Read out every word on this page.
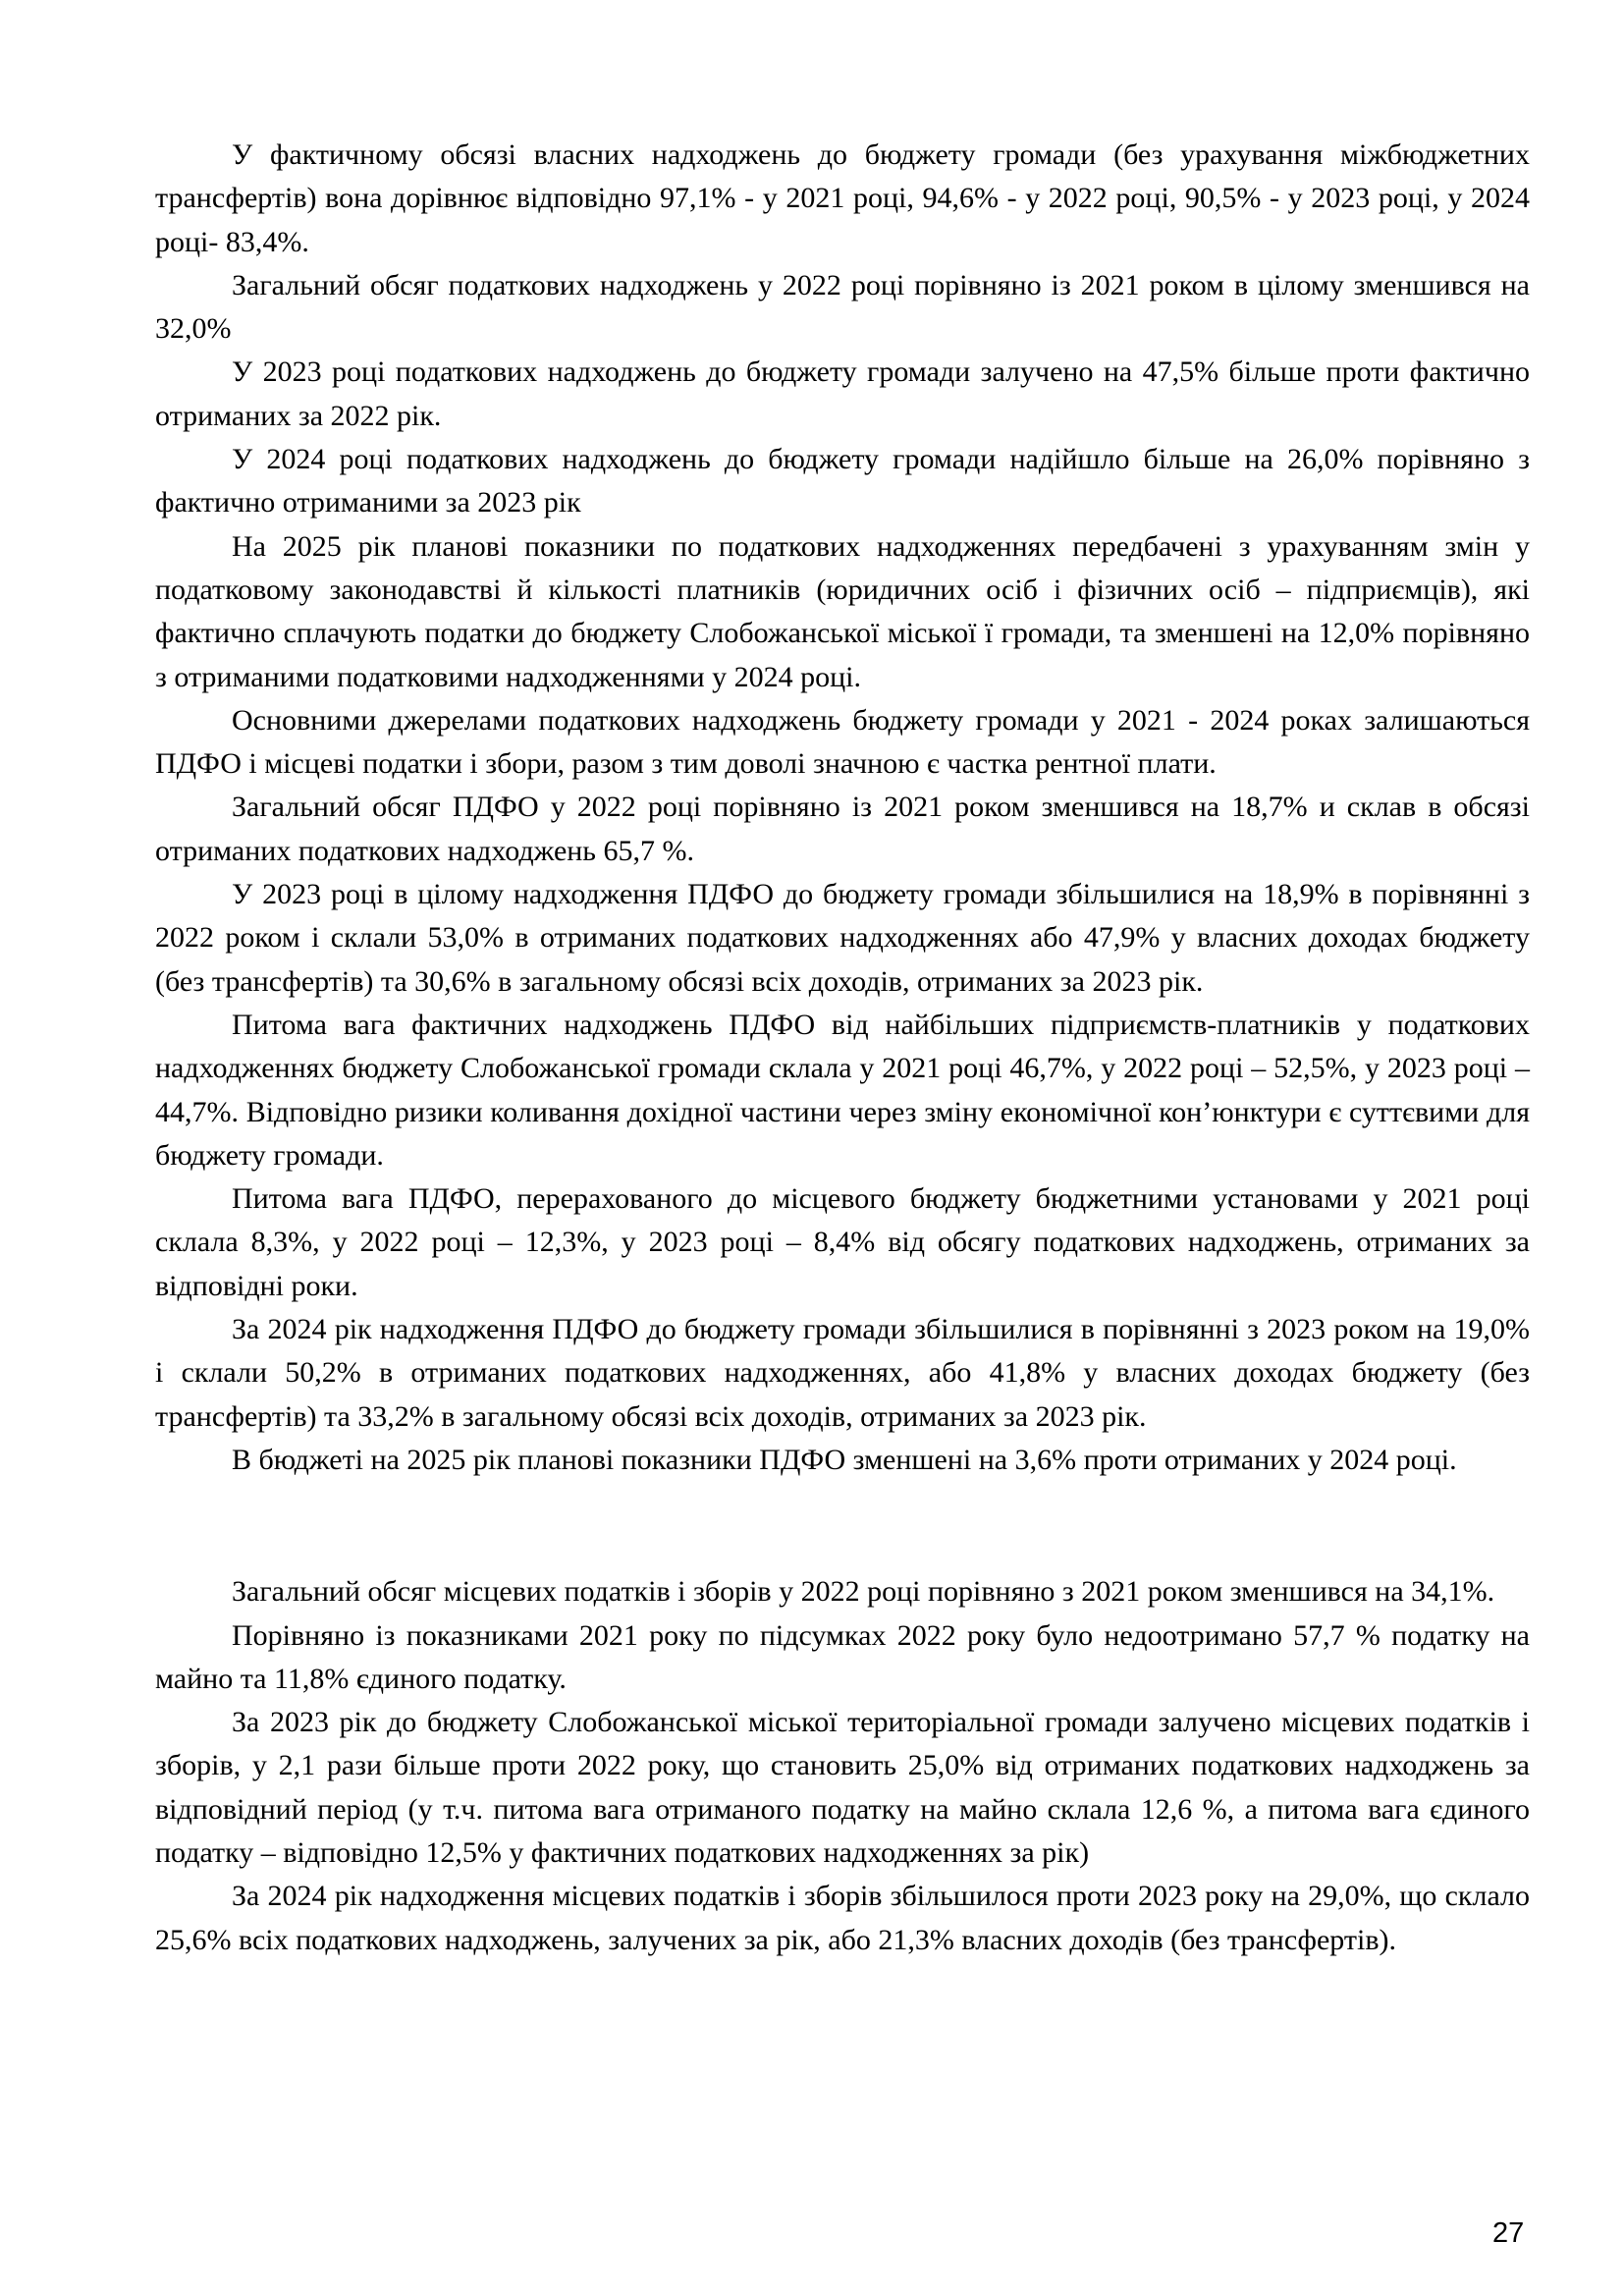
У фактичному обсязі власних надходжень до бюджету громади (без урахування міжбюджетних трансфертів) вона дорівнює відповідно 97,1% - у 2021 році, 94,6% - у 2022 році, 90,5% - у 2023 році, у 2024 році- 83,4%.

Загальний обсяг податкових надходжень у 2022 році порівняно із 2021 роком в цілому зменшився на 32,0%

У 2023 році податкових надходжень до бюджету громади залучено на 47,5% більше проти фактично отриманих за 2022 рік.

У 2024 році податкових надходжень до бюджету громади надійшло більше на 26,0% порівняно з фактично отриманими за 2023 рік

На 2025 рік планові показники по податкових надходженнях передбачені з урахуванням змін у податковому законодавстві й кількості платників (юридичних осіб і фізичних осіб – підприємців), які фактично сплачують податки до бюджету Слобожанської міської ї громади, та зменшені на 12,0% порівняно з отриманими податковими надходженнями у 2024 році.

Основними джерелами податкових надходжень бюджету громади у 2021 - 2024 роках залишаються ПДФО і місцеві податки і збори, разом з тим доволі значною є частка рентної плати.

Загальний обсяг ПДФО у 2022 році порівняно із 2021 роком зменшився на 18,7% и склав в обсязі отриманих податкових надходжень 65,7 %.

У 2023 році в цілому надходження ПДФО до бюджету громади збільшилися на 18,9% в порівнянні з 2022 роком і склали 53,0% в отриманих податкових надходженнях або 47,9% у власних доходах бюджету (без трансфертів) та 30,6% в загальному обсязі всіх доходів, отриманих за 2023 рік.

Питома вага фактичних надходжень ПДФО від найбільших підприємств-платників у податкових надходженнях бюджету Слобожанської громади склала у 2021 році 46,7%, у 2022 році – 52,5%, у 2023 році – 44,7%. Відповідно ризики коливання дохідної частини через зміну економічної кон’юнктури є суттєвими для бюджету громади.

Питома вага ПДФО, перерахованого до місцевого бюджету бюджетними установами у 2021 році склала 8,3%, у 2022 році – 12,3%, у 2023 році – 8,4% від обсягу податкових надходжень, отриманих за відповідні роки.

За 2024 рік надходження ПДФО до бюджету громади збільшилися в порівнянні з 2023 роком на 19,0% і склали 50,2% в отриманих податкових надходженнях, або 41,8% у власних доходах бюджету (без трансфертів) та 33,2% в загальному обсязі всіх доходів, отриманих за 2023 рік.

В бюджеті на 2025 рік планові показники ПДФО зменшені на 3,6% проти отриманих у 2024 році.

Загальний обсяг місцевих податків і зборів у 2022 році порівняно з 2021 роком зменшився на 34,1%.

Порівняно із показниками 2021 року по підсумках 2022 року було недоотримано 57,7 % податку на майно та 11,8% єдиного податку.

За 2023 рік до бюджету Слобожанської міської територіальної громади залучено місцевих податків і зборів, у 2,1 рази більше проти 2022 року, що становить 25,0% від отриманих податкових надходжень за відповідний період (у т.ч. питома вага отриманого податку на майно склала 12,6 %, а питома вага єдиного податку – відповідно 12,5% у фактичних податкових надходженнях за рік)

За 2024 рік надходження місцевих податків і зборів збільшилося проти 2023 року на 29,0%, що склало 25,6% всіх податкових надходжень, залучених за рік, або 21,3% власних доходів (без трансфертів).

27
